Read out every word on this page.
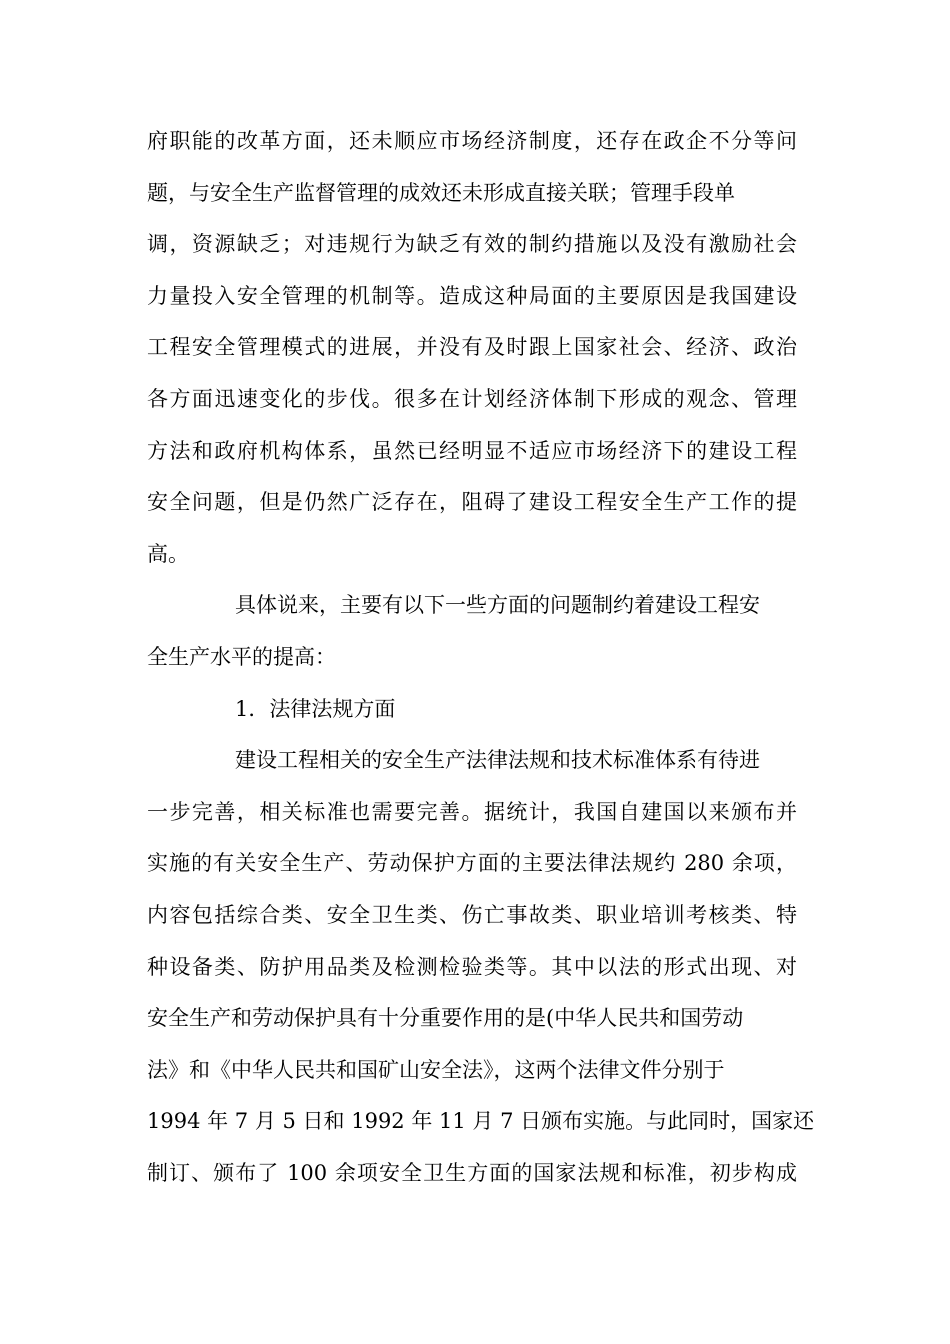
府职能的改革方面，还未顺应市场经济制度，还存在政企不分等问
题，与安全生产监督管理的成效还未形成直接关联；管理手段单
调，资源缺乏；对违规行为缺乏有效的制约措施以及没有激励社会
力量投入安全管理的机制等。造成这种局面的主要原因是我国建设
工程安全管理模式的进展，并没有及时跟上国家社会、经济、政治
各方面迅速变化的步伐。很多在计划经济体制下形成的观念、管理
方法和政府机构体系，虽然已经明显不适应市场经济下的建设工程
安全问题，但是仍然广泛存在，阻碍了建设工程安全生产工作的提
高。
具体说来，主要有以下一些方面的问题制约着建设工程安
全生产水平的提高：
1．法律法规方面
建设工程相关的安全生产法律法规和技术标准体系有待进
一步完善，相关标准也需要完善。据统计，我国自建国以来颁布并
实施的有关安全生产、劳动保护方面的主要法律法规约 280 余项，
内容包括综合类、安全卫生类、伤亡事故类、职业培训考核类、特
种设备类、防护用品类及检测检验类等。其中以法的形式出现、对
安全生产和劳动保护具有十分重要作用的是(中华人民共和国劳动
法》和《中华人民共和国矿山安全法》，这两个法律文件分别于
1994 年 7 月 5 日和 1992 年 11 月 7 日颁布实施。与此同时，国家还
制订、颁布了 100 余项安全卫生方面的国家法规和标准，初步构成
